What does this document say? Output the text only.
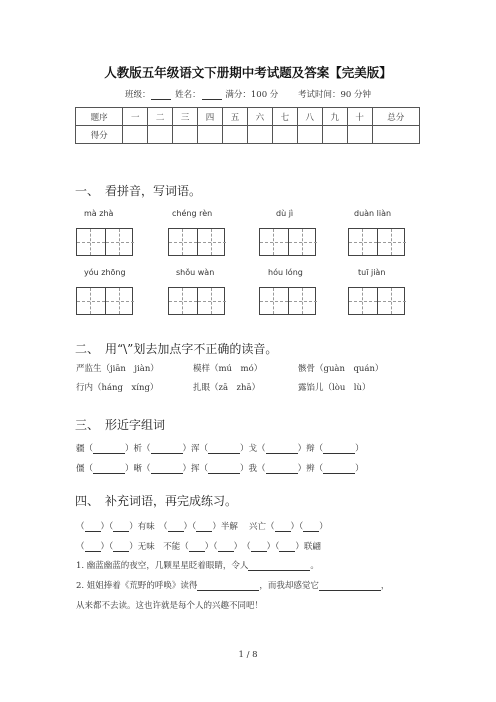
人教版五年级语文下册期中考试题及答案【完美版】
班级：	姓名：	满分：100 分　　 考试时间：90 分钟
题序	一	二	三	四	五	六	七	八	九	十	总分
得分											
一、　看拼音，写词语。
mà zhà	chéng rèn	dù jì	duàn liàn
yóu zhōng	shǒu wàn	hóu lóng	tuī jiàn
二、　用“\”划去加点字不正确的读音。
严监生（jiān　jiàn）	模样（mú　mó）	骸骨（guàn　quán）
行内（háng　xíng）	扎眼（zā　zhā）	露馅儿（lòu　lù）
三、　形近字组词
疆（	）析（	）浑（	）戈（	）辩（	）
僵（	）晰（	）挥（	）我（	）辨（	）
四、　补充词语，再完成练习。
（ ）（ ）有味　（ ）（ ）半解　 兴亡（ ）（ ）
（ ）（ ）无味　不能（ ）（ ）　（ ）（ ）联翩
1. 幽蓝幽蓝的夜空，几颗星星眨着眼睛，令人	。
2. 姐姐捧着《荒野的呼唤》读得	，而我却感觉它	，
从来都不去读。这也许就是每个人的兴趣不同吧！
1 / 8
